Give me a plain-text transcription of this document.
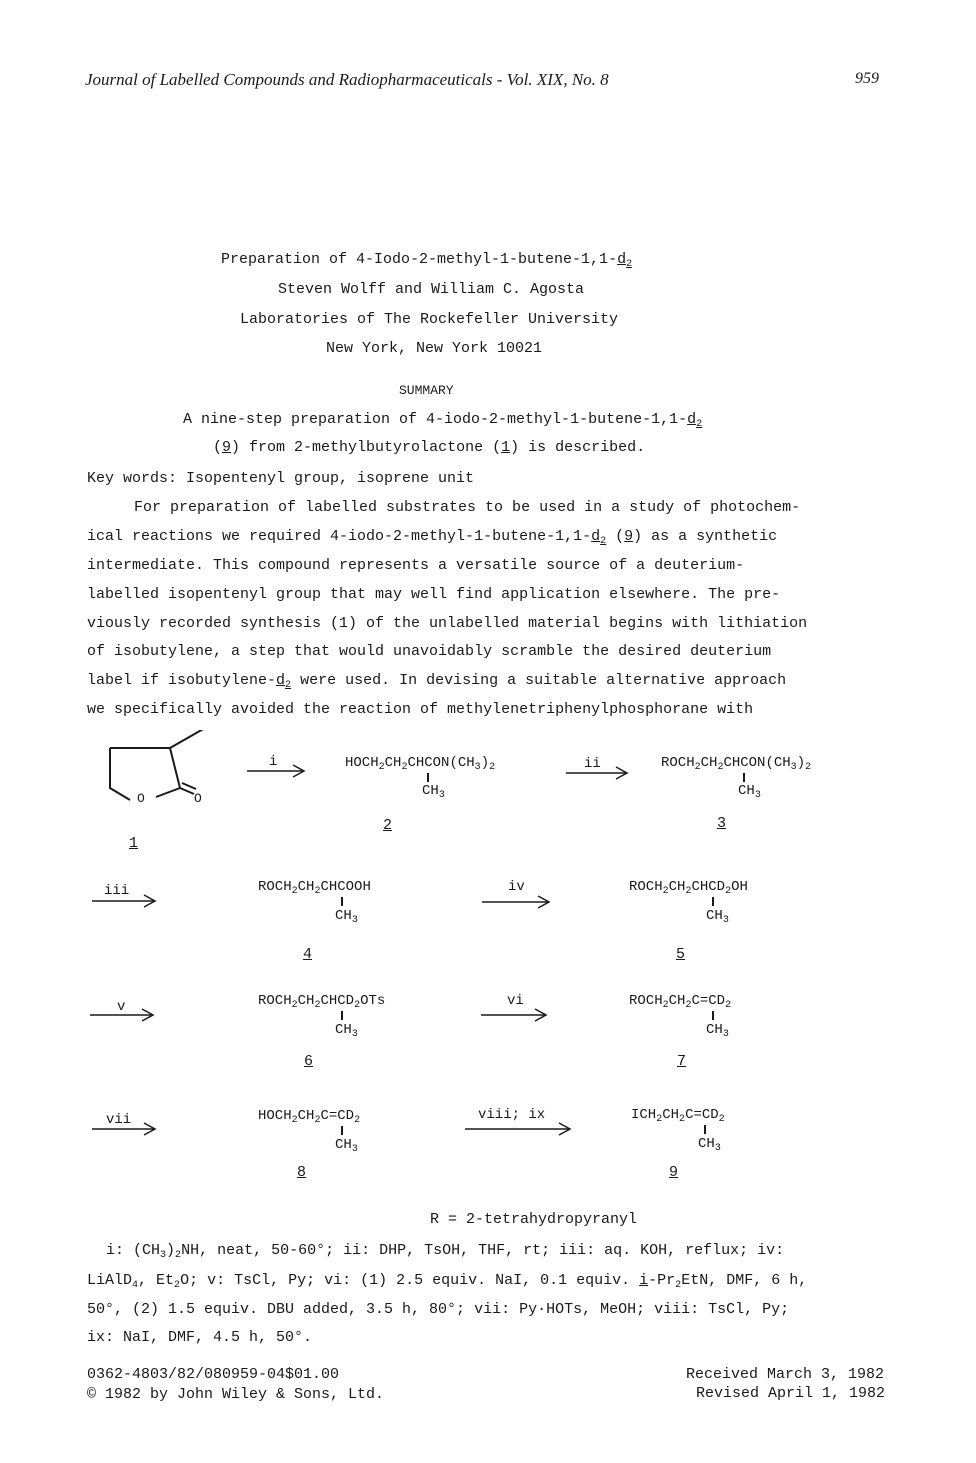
Journal of Labelled Compounds and Radiopharmaceuticals - Vol. XIX, No. 8	959
Preparation of $4-Iodo-2-methyl-1-butene-1,1-d_2$
Steven Wolff and William C. Agosta
Laboratories of The Rockefeller University
New York, New York 10021
SUMMARY
A nine-step preparation of $4-iodo-2-methyl-1-butene-1,1-d_2$
(9) from 2-methylbutyrolactone (1) is described.
Key words: Isopentenyl group, isoprene unit
For preparation of labelled substrates to be used in a study of photochem-
ical reactions we required $4-iodo-2-methyl-1-butene-1,1-d_2$ (9) as a synthetic
intermediate. This compound represents a versatile source of a deuterium-
labelled isopentenyl group that may well find application elsewhere. The pre-
viously recorded synthesis (1) of the unlabelled material begins with lithiation
of isobutylene, a step that would unavoidably scramble the desired deuterium
label if isobutylene-$d_2$ were used. In devising a suitable alternative approach
we specifically avoided the reaction of methylenetriphenylphosphorane with
O	O
1
i	$HOCH_2CH_2CHCON(CH_3)_2$
$CH_3$
2
ii	$ROCH_2CH_2CHCON(CH_3)_2$
$CH_3$
3
iii	$ROCH_2CH_2CHCOOH$
$CH_3$
4
iv	$ROCH_2CH_2CHCD_2OH$
$CH_3$
5
v	$ROCH_2CH_2CHCD_2OTs$
$CH_3$
6
vi	$ROCH_2CH_2C=CD_2$
$CH_3$
7
vii	$HOCH_2CH_2C=CD_2$
$CH_3$
8
viii; ix	$ICH_2CH_2C=CD_2$
$CH_3$
9
R = 2-tetrahydropyranyl
i: $(CH_3)_2NH$, neat, 50-60°; ii: DHP, TsOH, THF, rt; iii: aq. KOH, reflux; iv:
LiAlD$_4$, $Et_2O$; v: TsCl, Py; vi: (1) 2.5 equiv. NaI, 0.1 equiv. $i-Pr_2EtN$, DMF, 6 h,
50°, (2) 1.5 equiv. DBU added, 3.5 h, 80°; vii: Py·HOTs, MeOH; viii: TsCl, Py;
ix: NaI, DMF, 4.5 h, 50°.
0362-4803/82/080959-04$01.00
© 1982 by John Wiley & Sons, Ltd.
Received March 3, 1982
Revised April 1, 1982
